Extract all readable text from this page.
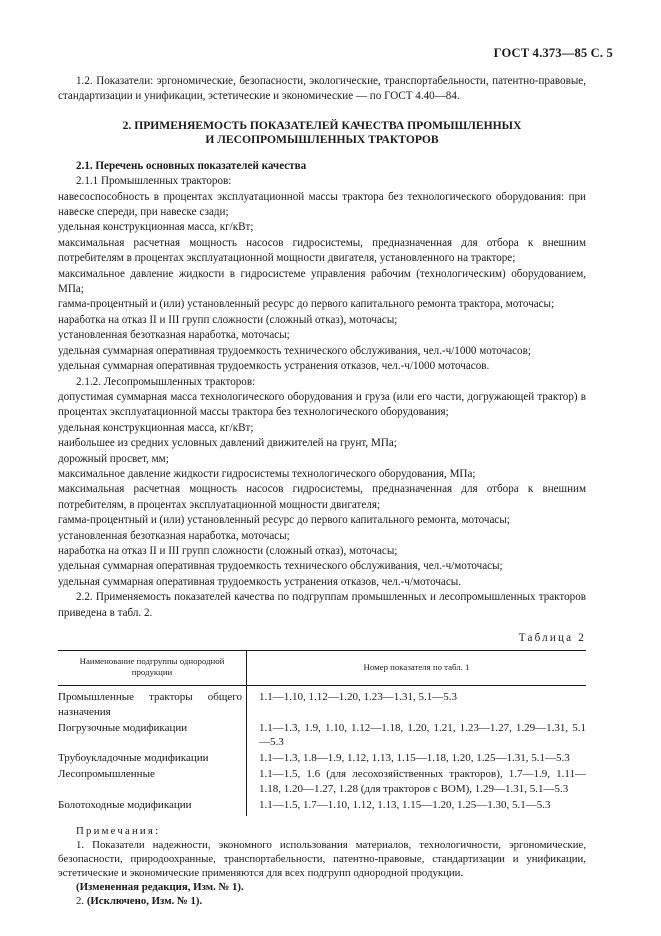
ГОСТ 4.373—85 С. 5

1.2. Показатели: эргономические, безопасности, экологические, транспортабельности, патентно-правовые, стандартизации и унификации, эстетические и экономические — по ГОСТ 4.40—84.

2. ПРИМЕНЯЕМОСТЬ ПОКАЗАТЕЛЕЙ КАЧЕСТВА ПРОМЫШЛЕННЫХ
И ЛЕСОПРОМЫШЛЕННЫХ ТРАКТОРОВ

2.1. Перечень основных показателей качества

2.1.1 Промышленных тракторов:

навесоспособность в процентах эксплуатационной массы трактора без технологического оборудования: при навеске спереди, при навеске сзади;

удельная конструкционная масса, кг/кВт;

максимальная расчетная мощность насосов гидросистемы, предназначенная для отбора к внешним потребителям в процентах эксплуатационной мощности двигателя, установленного на тракторе;

максимальное давление жидкости в гидросистеме управления рабочим (технологическим) оборудованием, МПа;

гамма-процентный и (или) установленный ресурс до первого капитального ремонта трактора, моточасы;

наработка на отказ II и III групп сложности (сложный отказ), моточасы;

установленная безотказная наработка, моточасы;

удельная суммарная оперативная трудоемкость технического обслуживания, чел.-ч/1000 моточасов;

удельная суммарная оперативная трудоемкость устранения отказов, чел.-ч/1000 моточасов.

2.1.2. Лесопромышленных тракторов:

допустимая суммарная масса технологического оборудования и груза (или его части, догружающей трактор) в процентах эксплуатационной массы трактора без технологического оборудования;

удельная конструкционная масса, кг/кВт;

наибольшее из средних условных давлений движителей на грунт, МПа;

дорожный просвет, мм;

максимальное давление жидкости гидросистемы технологического оборудования, МПа;

максимальная расчетная мощность насосов гидросистемы, предназначенная для отбора к внешним потребителям, в процентах эксплуатационной мощности двигателя;

гамма-процентный и (или) установленный ресурс до первого капитального ремонта, моточасы;

установленная безотказная наработка, моточасы;

наработка на отказ II и III групп сложности (сложный отказ), моточасы;

удельная суммарная оперативная трудоемкость технического обслуживания, чел.-ч/моточасы;

удельная суммарная оперативная трудоемкость устранения отказов, чел.-ч/моточасы.

2.2. Применяемость показателей качества по подгруппам промышленных и лесопромышленных тракторов приведена в табл. 2.

Таблица 2

Наименование подгруппы однородной продукции	Номер показателя по табл. 1
Промышленные тракторы общего назначения	1.1—1.10, 1.12—1.20, 1.23—1.31, 5.1—5.3
Погрузочные модификации	1.1—1.3, 1.9, 1.10, 1.12—1.18, 1.20, 1.21, 1.23—1.27, 1.29—1.31, 5.1—5.3
Трубоукладочные модификации	1.1—1.3, 1.8—1.9, 1.12, 1.13, 1.15—1.18, 1.20, 1.25—1.31, 5.1—5.3
Лесопромышленные	1.1—1.5, 1.6 (для лесохозяйственных тракторов), 1.7—1.9, 1.11—1.18, 1.20—1.27, 1.28 (для тракторов с ВОМ), 1.29—1.31, 5.1—5.3
Болотоходные модификации	1.1—1.5, 1.7—1.10, 1.12, 1.13, 1.15—1.20, 1.25—1.30, 5.1—5.3

Примечания:

1. Показатели надежности, экономного использования материалов, технологичности, эргономические, безопасности, природоохранные, транспортабельности, патентно-правовые, стандартизации и унификации, эстетические и экономические применяются для всех подгрупп однородной продукции.

(Измененная редакция, Изм. № 1).

2. (Исключено, Изм. № 1).
